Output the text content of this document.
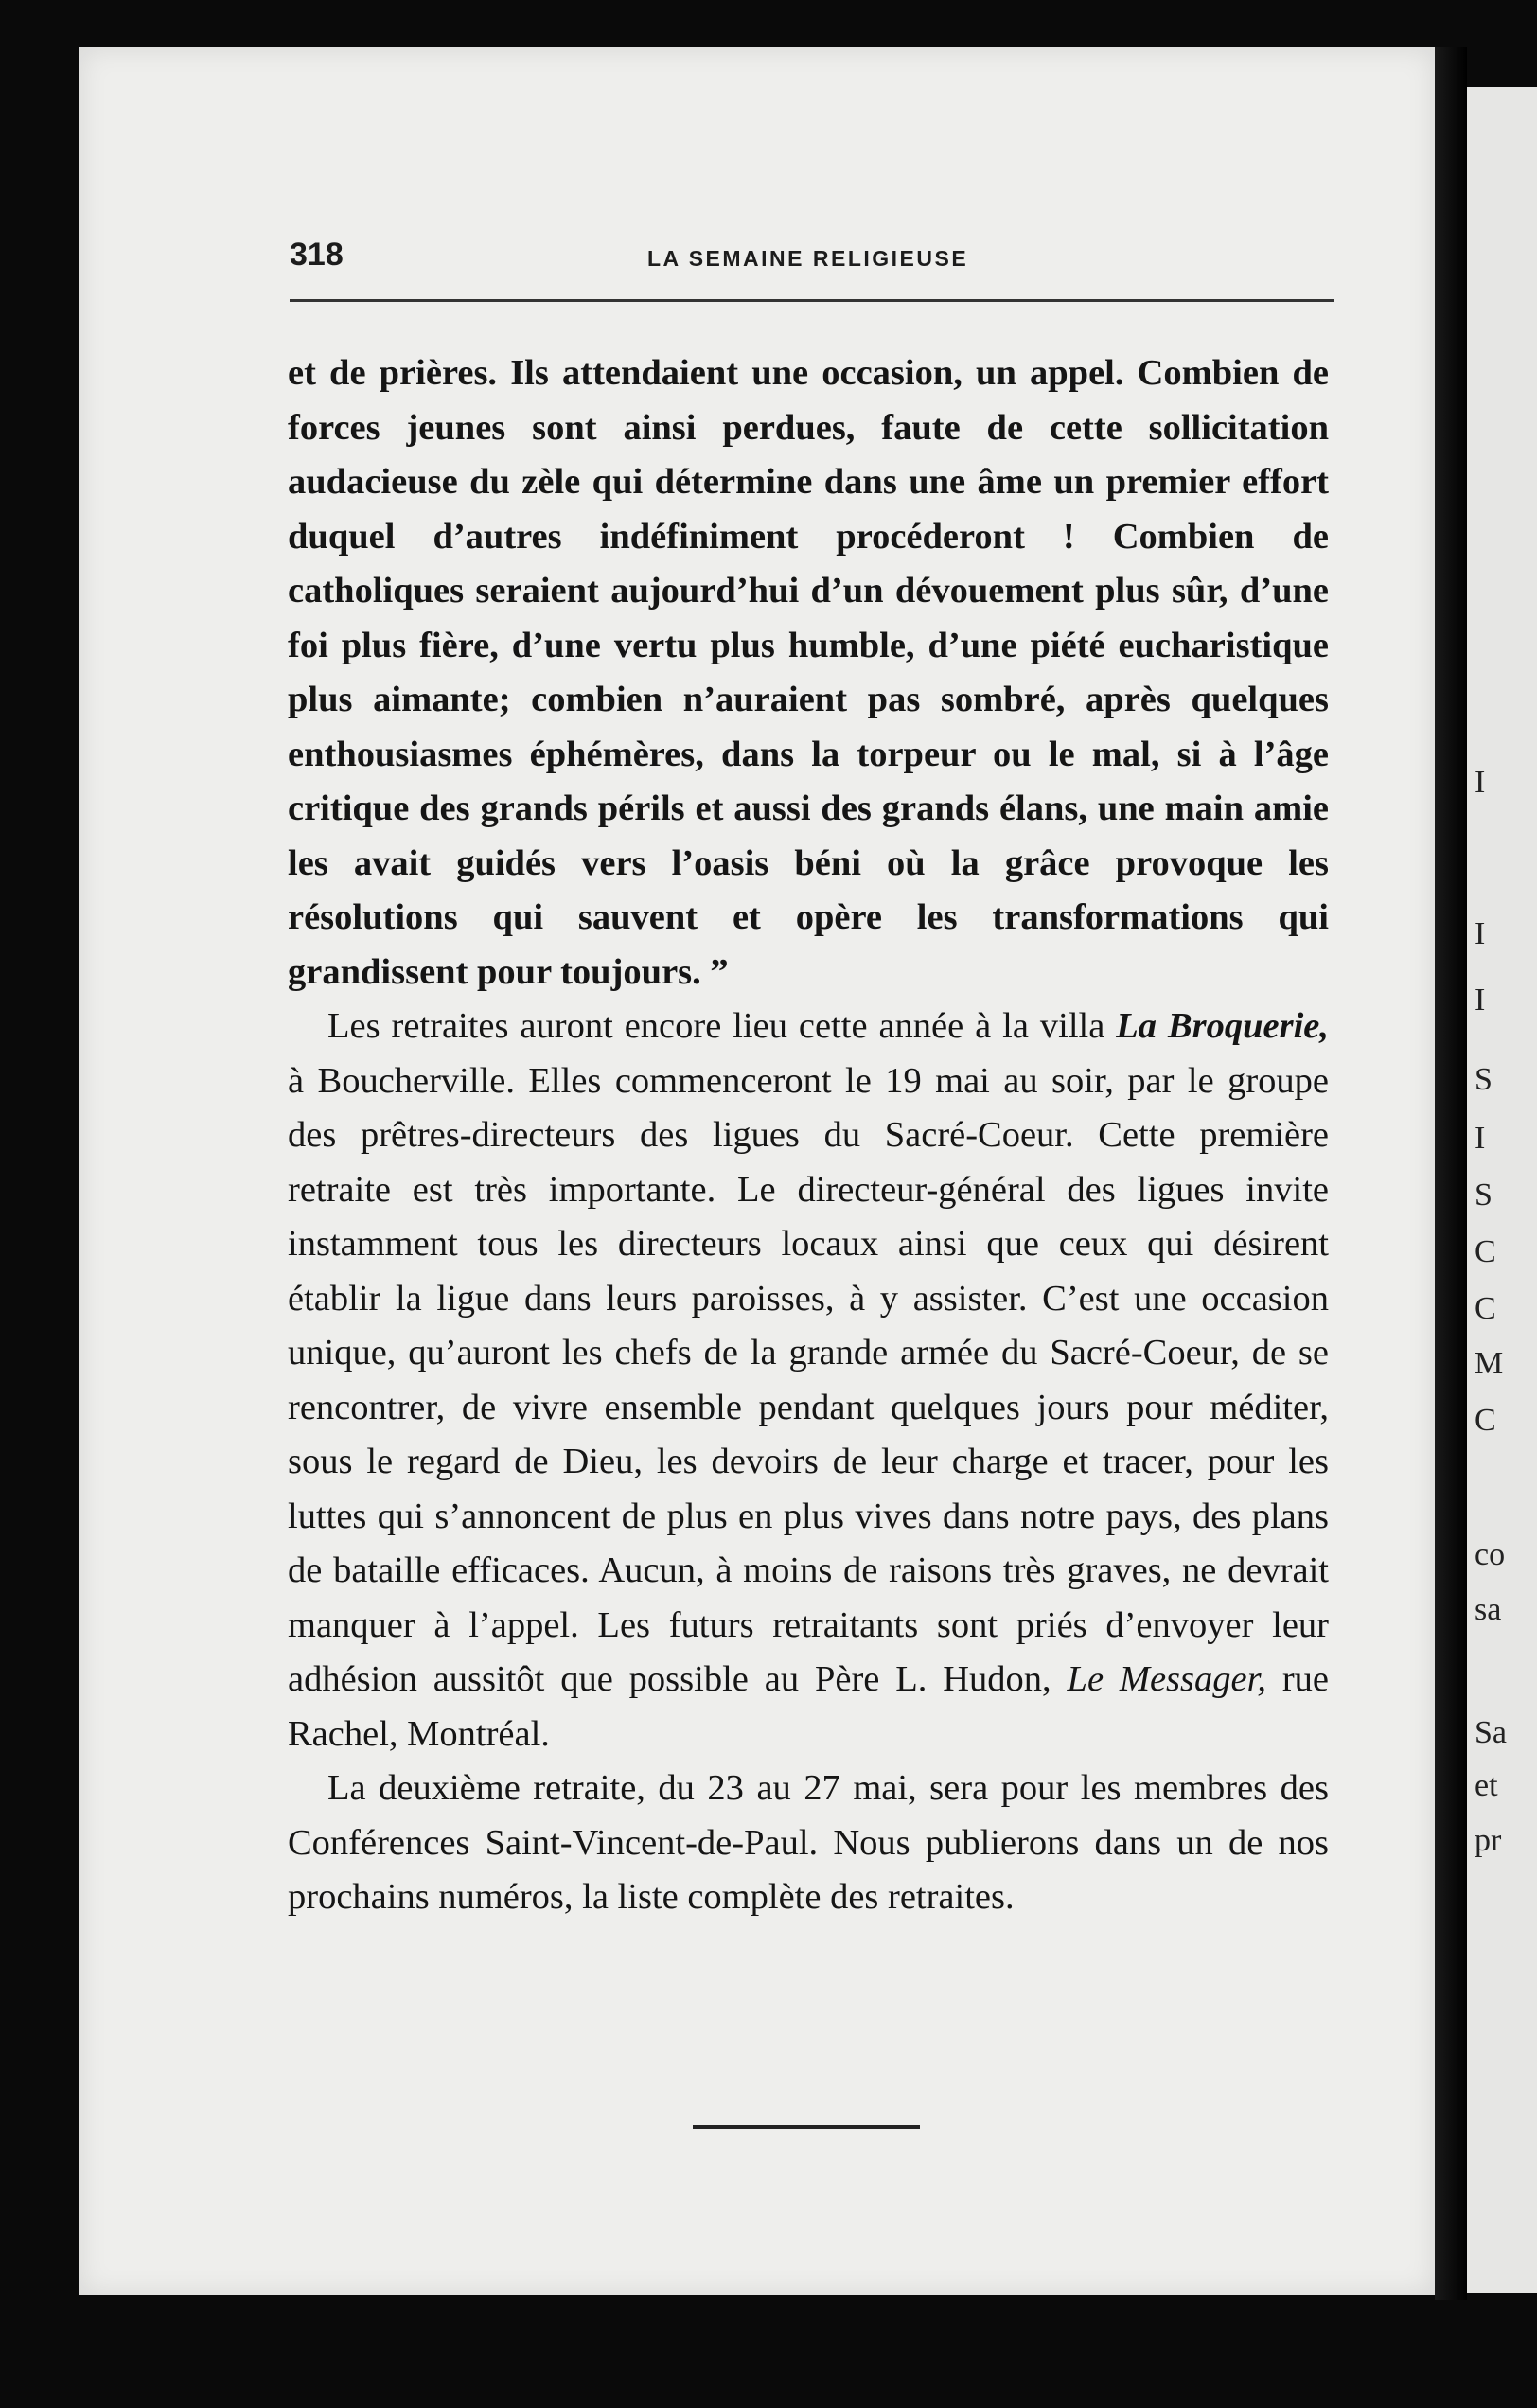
I
I
I
S
I
S
C
C
M
C
co
sa
Sa
et
pr
318	LA SEMAINE RELIGIEUSE

et de prières. Ils attendaient une occasion, un appel. Combien de forces jeunes sont ainsi perdues, faute de cette sollicitation audacieuse du zèle qui détermine dans une âme un premier effort duquel d’autres indéfiniment procéderont ! Combien de catholiques seraient aujourd’hui d’un dévouement plus sûr, d’une foi plus fière, d’une vertu plus humble, d’une piété eucharistique plus aimante; combien n’auraient pas sombré, après quelques enthousiasmes éphémères, dans la torpeur ou le mal, si à l’âge critique des grands périls et aussi des grands élans, une main amie les avait guidés vers l’oasis béni où la grâce provoque les résolutions qui sauvent et opère les transformations qui grandissent pour toujours. ”

Les retraites auront encore lieu cette année à la villa La Broquerie, à Boucherville. Elles commenceront le 19 mai au soir, par le groupe des prêtres-directeurs des ligues du Sacré-Coeur. Cette première retraite est très importante. Le directeur-général des ligues invite instamment tous les directeurs locaux ainsi que ceux qui désirent établir la ligue dans leurs paroisses, à y assister. C’est une occasion unique, qu’auront les chefs de la grande armée du Sacré-Coeur, de se rencontrer, de vivre ensemble pendant quelques jours pour méditer, sous le regard de Dieu, les devoirs de leur charge et tracer, pour les luttes qui s’annoncent de plus en plus vives dans notre pays, des plans de bataille efficaces. Aucun, à moins de raisons très graves, ne devrait manquer à l’appel. Les futurs retraitants sont priés d’envoyer leur adhésion aussitôt que possible au Père L. Hudon, Le Messager, rue Rachel, Montréal.

La deuxième retraite, du 23 au 27 mai, sera pour les membres des Conférences Saint-Vincent-de-Paul. Nous publierons dans un de nos prochains numéros, la liste complète des retraites.
